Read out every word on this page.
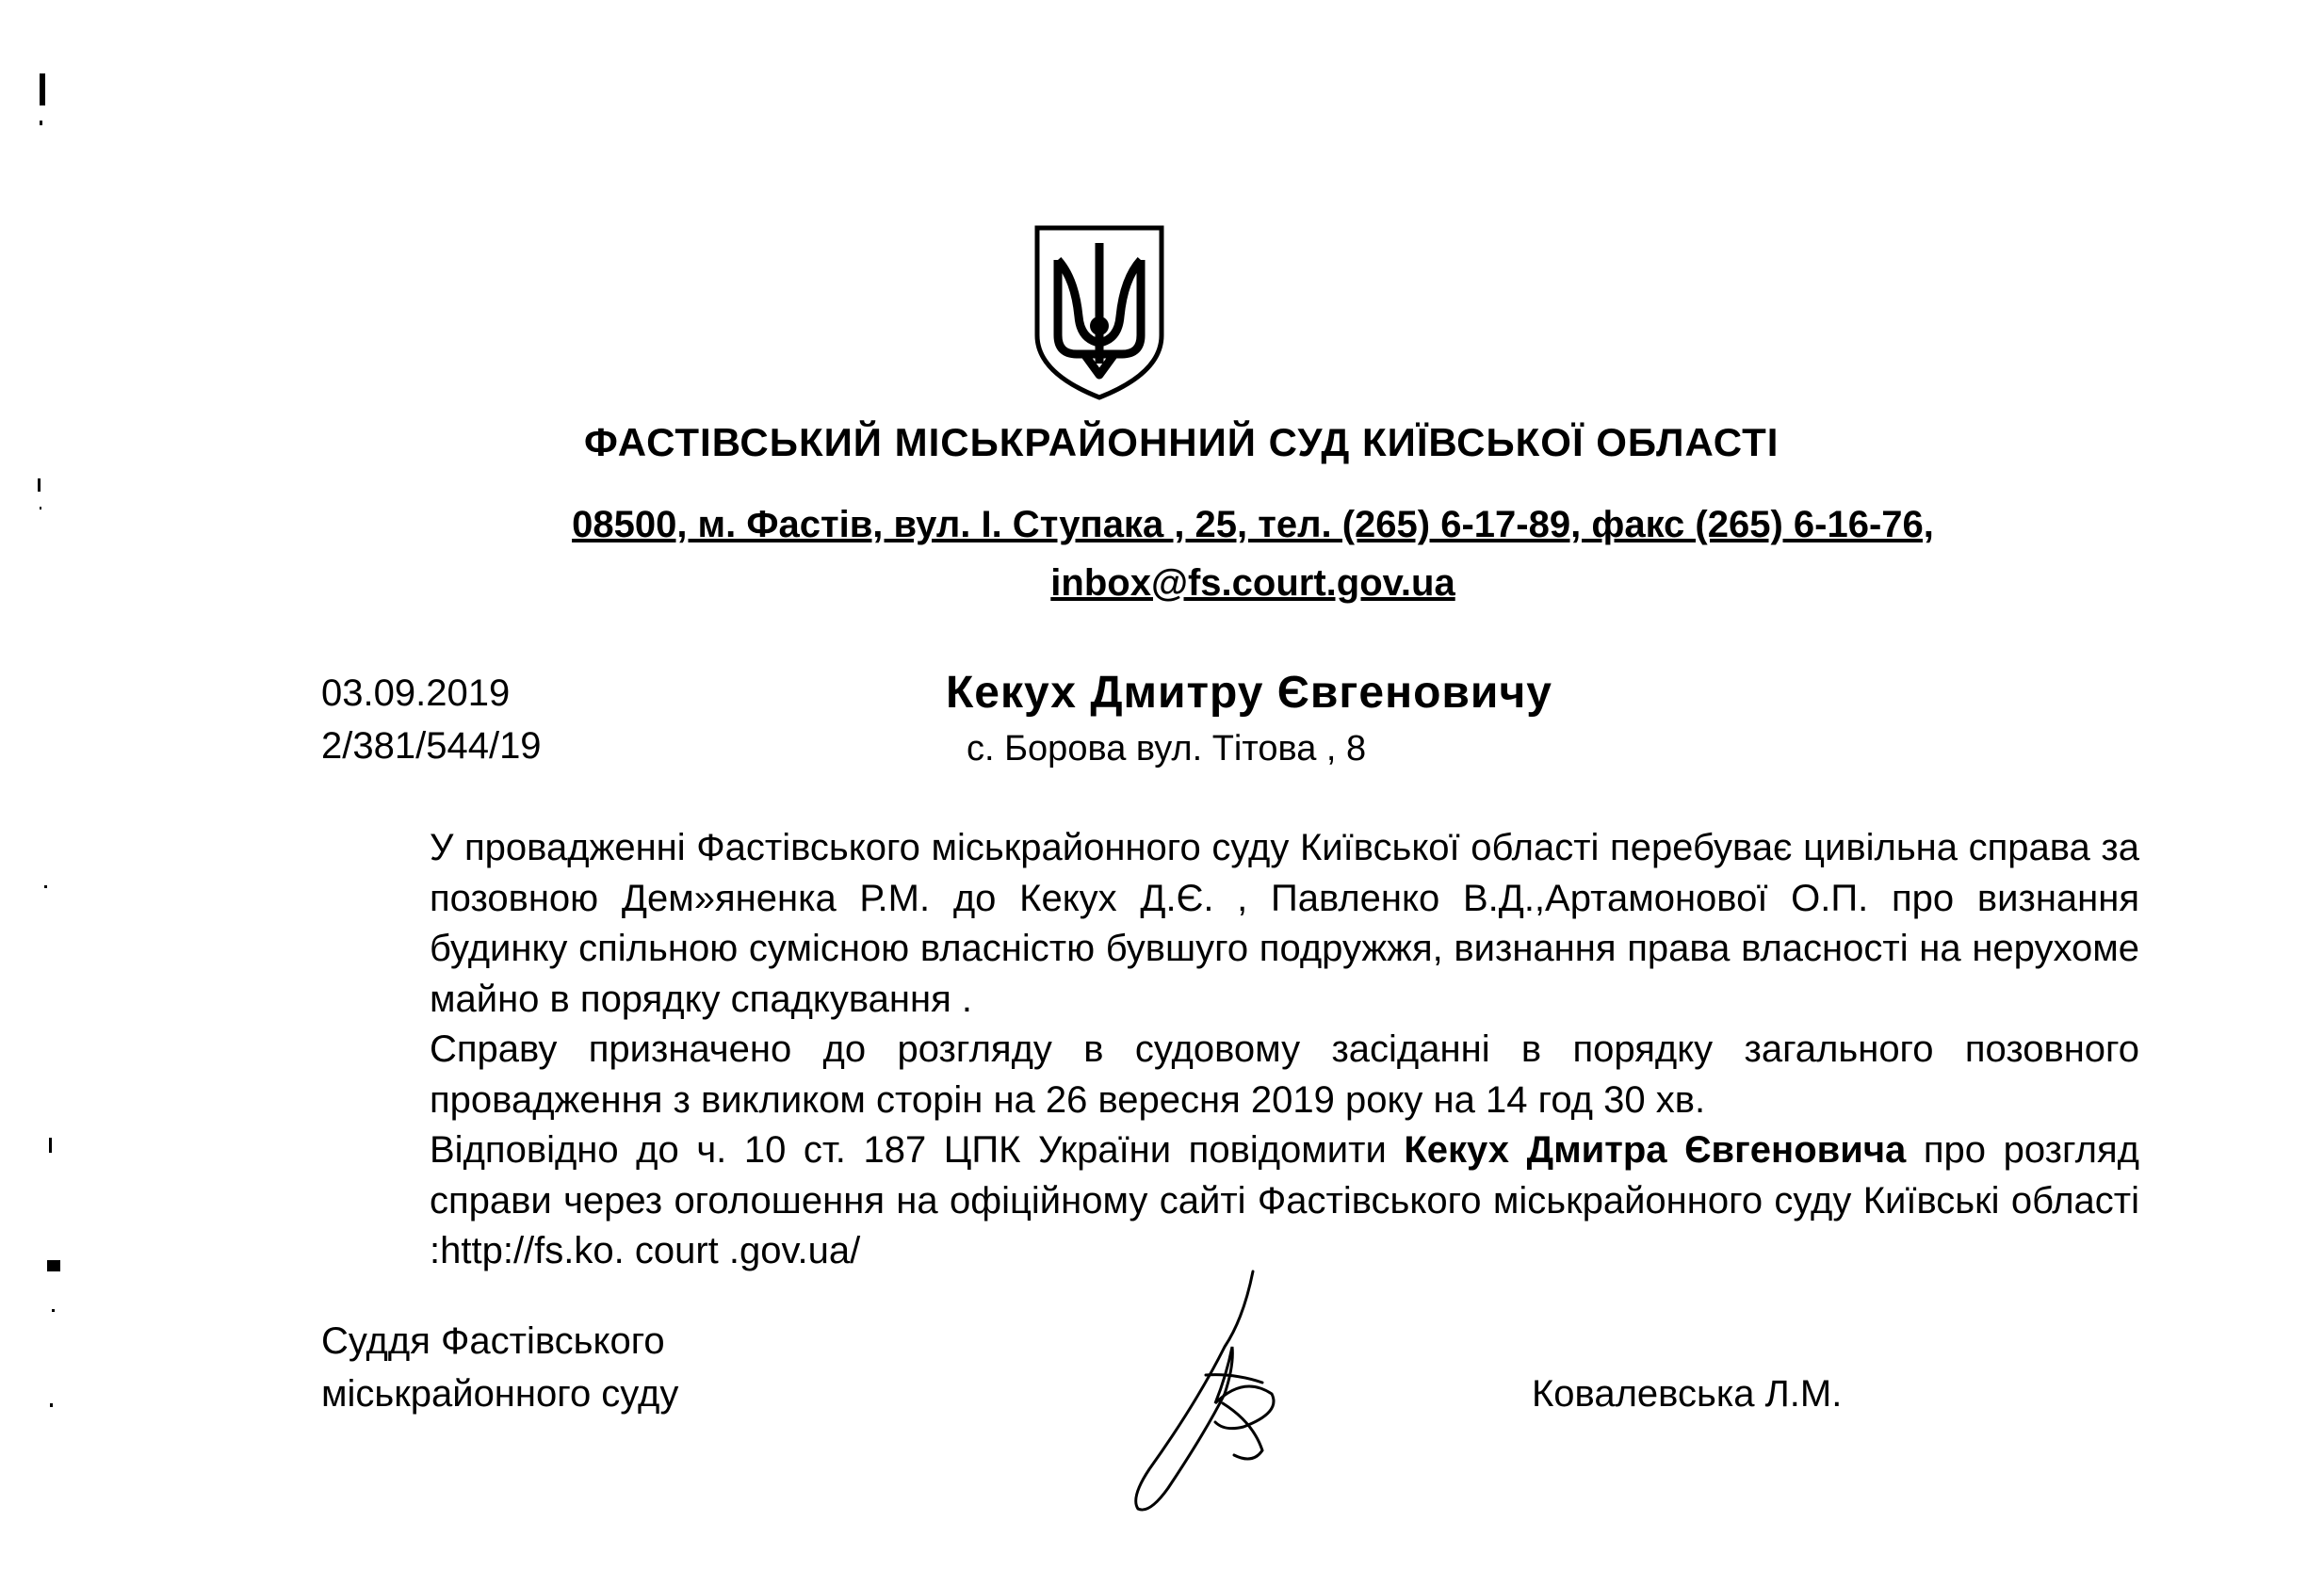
ФАСТІВСЬКИЙ МІСЬКРАЙОННИЙ СУД КИЇВСЬКОЇ ОБЛАСТІ
08500, м. Фастів, вул. І. Ступака , 25, тел. (265) 6-17-89, факс (265) 6-16-76,
inbox@fs.court.gov.ua
03.09.2019
2/381/544/19
Кекух Дмитру Євгеновичу
с. Борова вул. Тітова , 8

У провадженні Фастівського міськрайонного суду Київської області перебуває цивільна справа за позовною Дем»яненка Р.М. до Кекух Д.Є. , Павленко В.Д.,Артамонової О.П. про визнання будинку спільною сумісною власністю бувшуго подружжя, визнання права власності на нерухоме майно в порядку спадкування .

Справу призначено до розгляду в судовому засіданні в порядку загального позовного провадження з викликом сторін на 26 вересня 2019 року на 14 год 30 хв.

Відповідно до ч. 10 ст. 187 ЦПК України повідомити Кекух Дмитра Євгеновича про розгляд справи через оголошення на офіційному сайті Фастівського міськрайонного суду Київські області :http://fs.ko. court .gov.ua/

Суддя Фастівського
міськрайонного суду	Ковалевська Л.М.
